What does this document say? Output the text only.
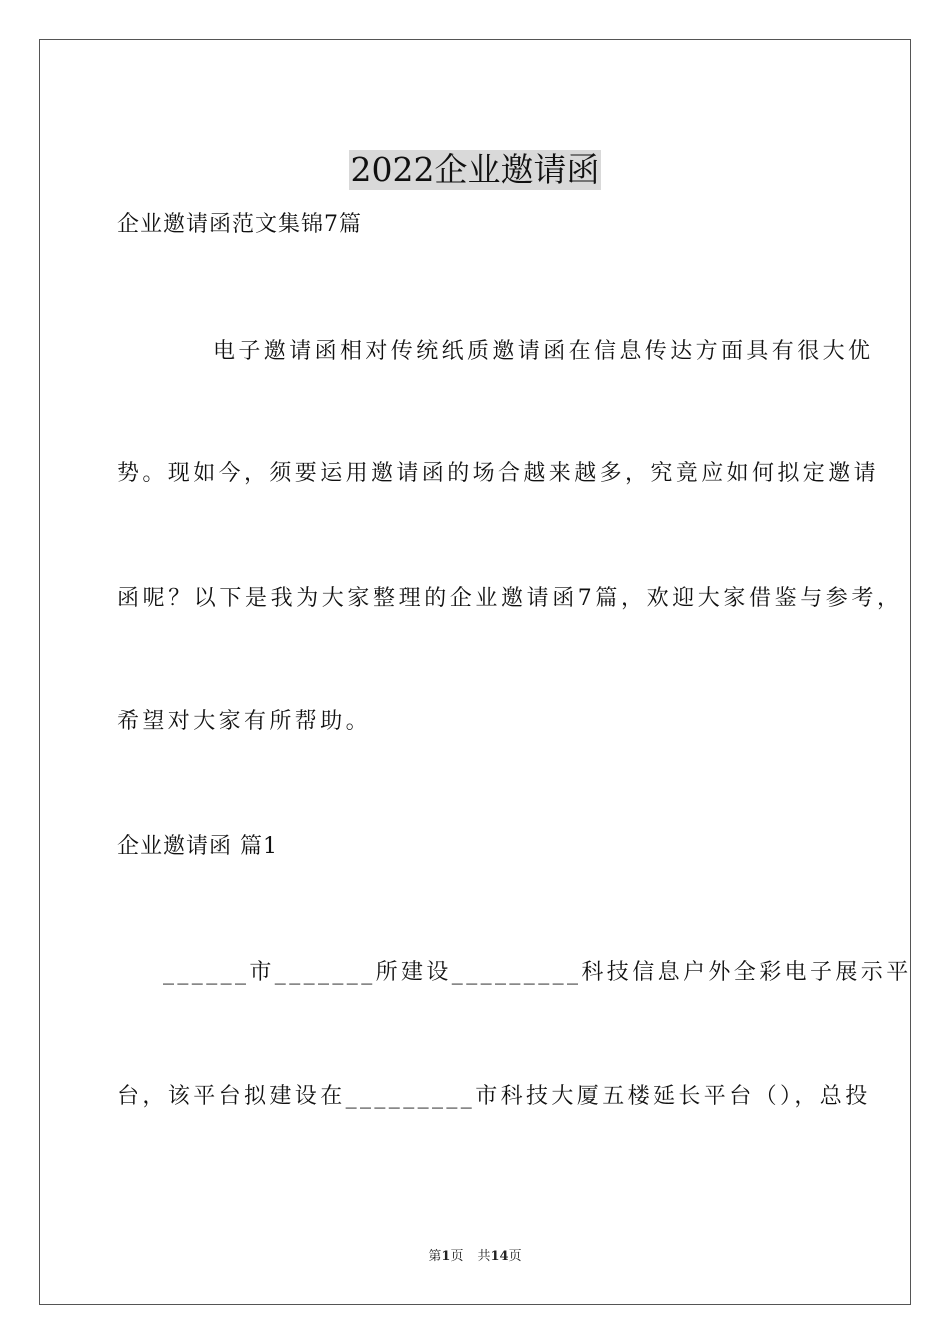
2022企业邀请函
企业邀请函范文集锦7篇
电子邀请函相对传统纸质邀请函在信息传达方面具有很大优
势。现如今，须要运用邀请函的场合越来越多，究竟应如何拟定邀请
函呢？以下是我为大家整理的企业邀请函7篇，欢迎大家借鉴与参考，
希望对大家有所帮助。
企业邀请函 篇1
______市_______所建设_________科技信息户外全彩电子展示平
台，该平台拟建设在_________市科技大厦五楼延长平台（），总投
第1页 共14页
